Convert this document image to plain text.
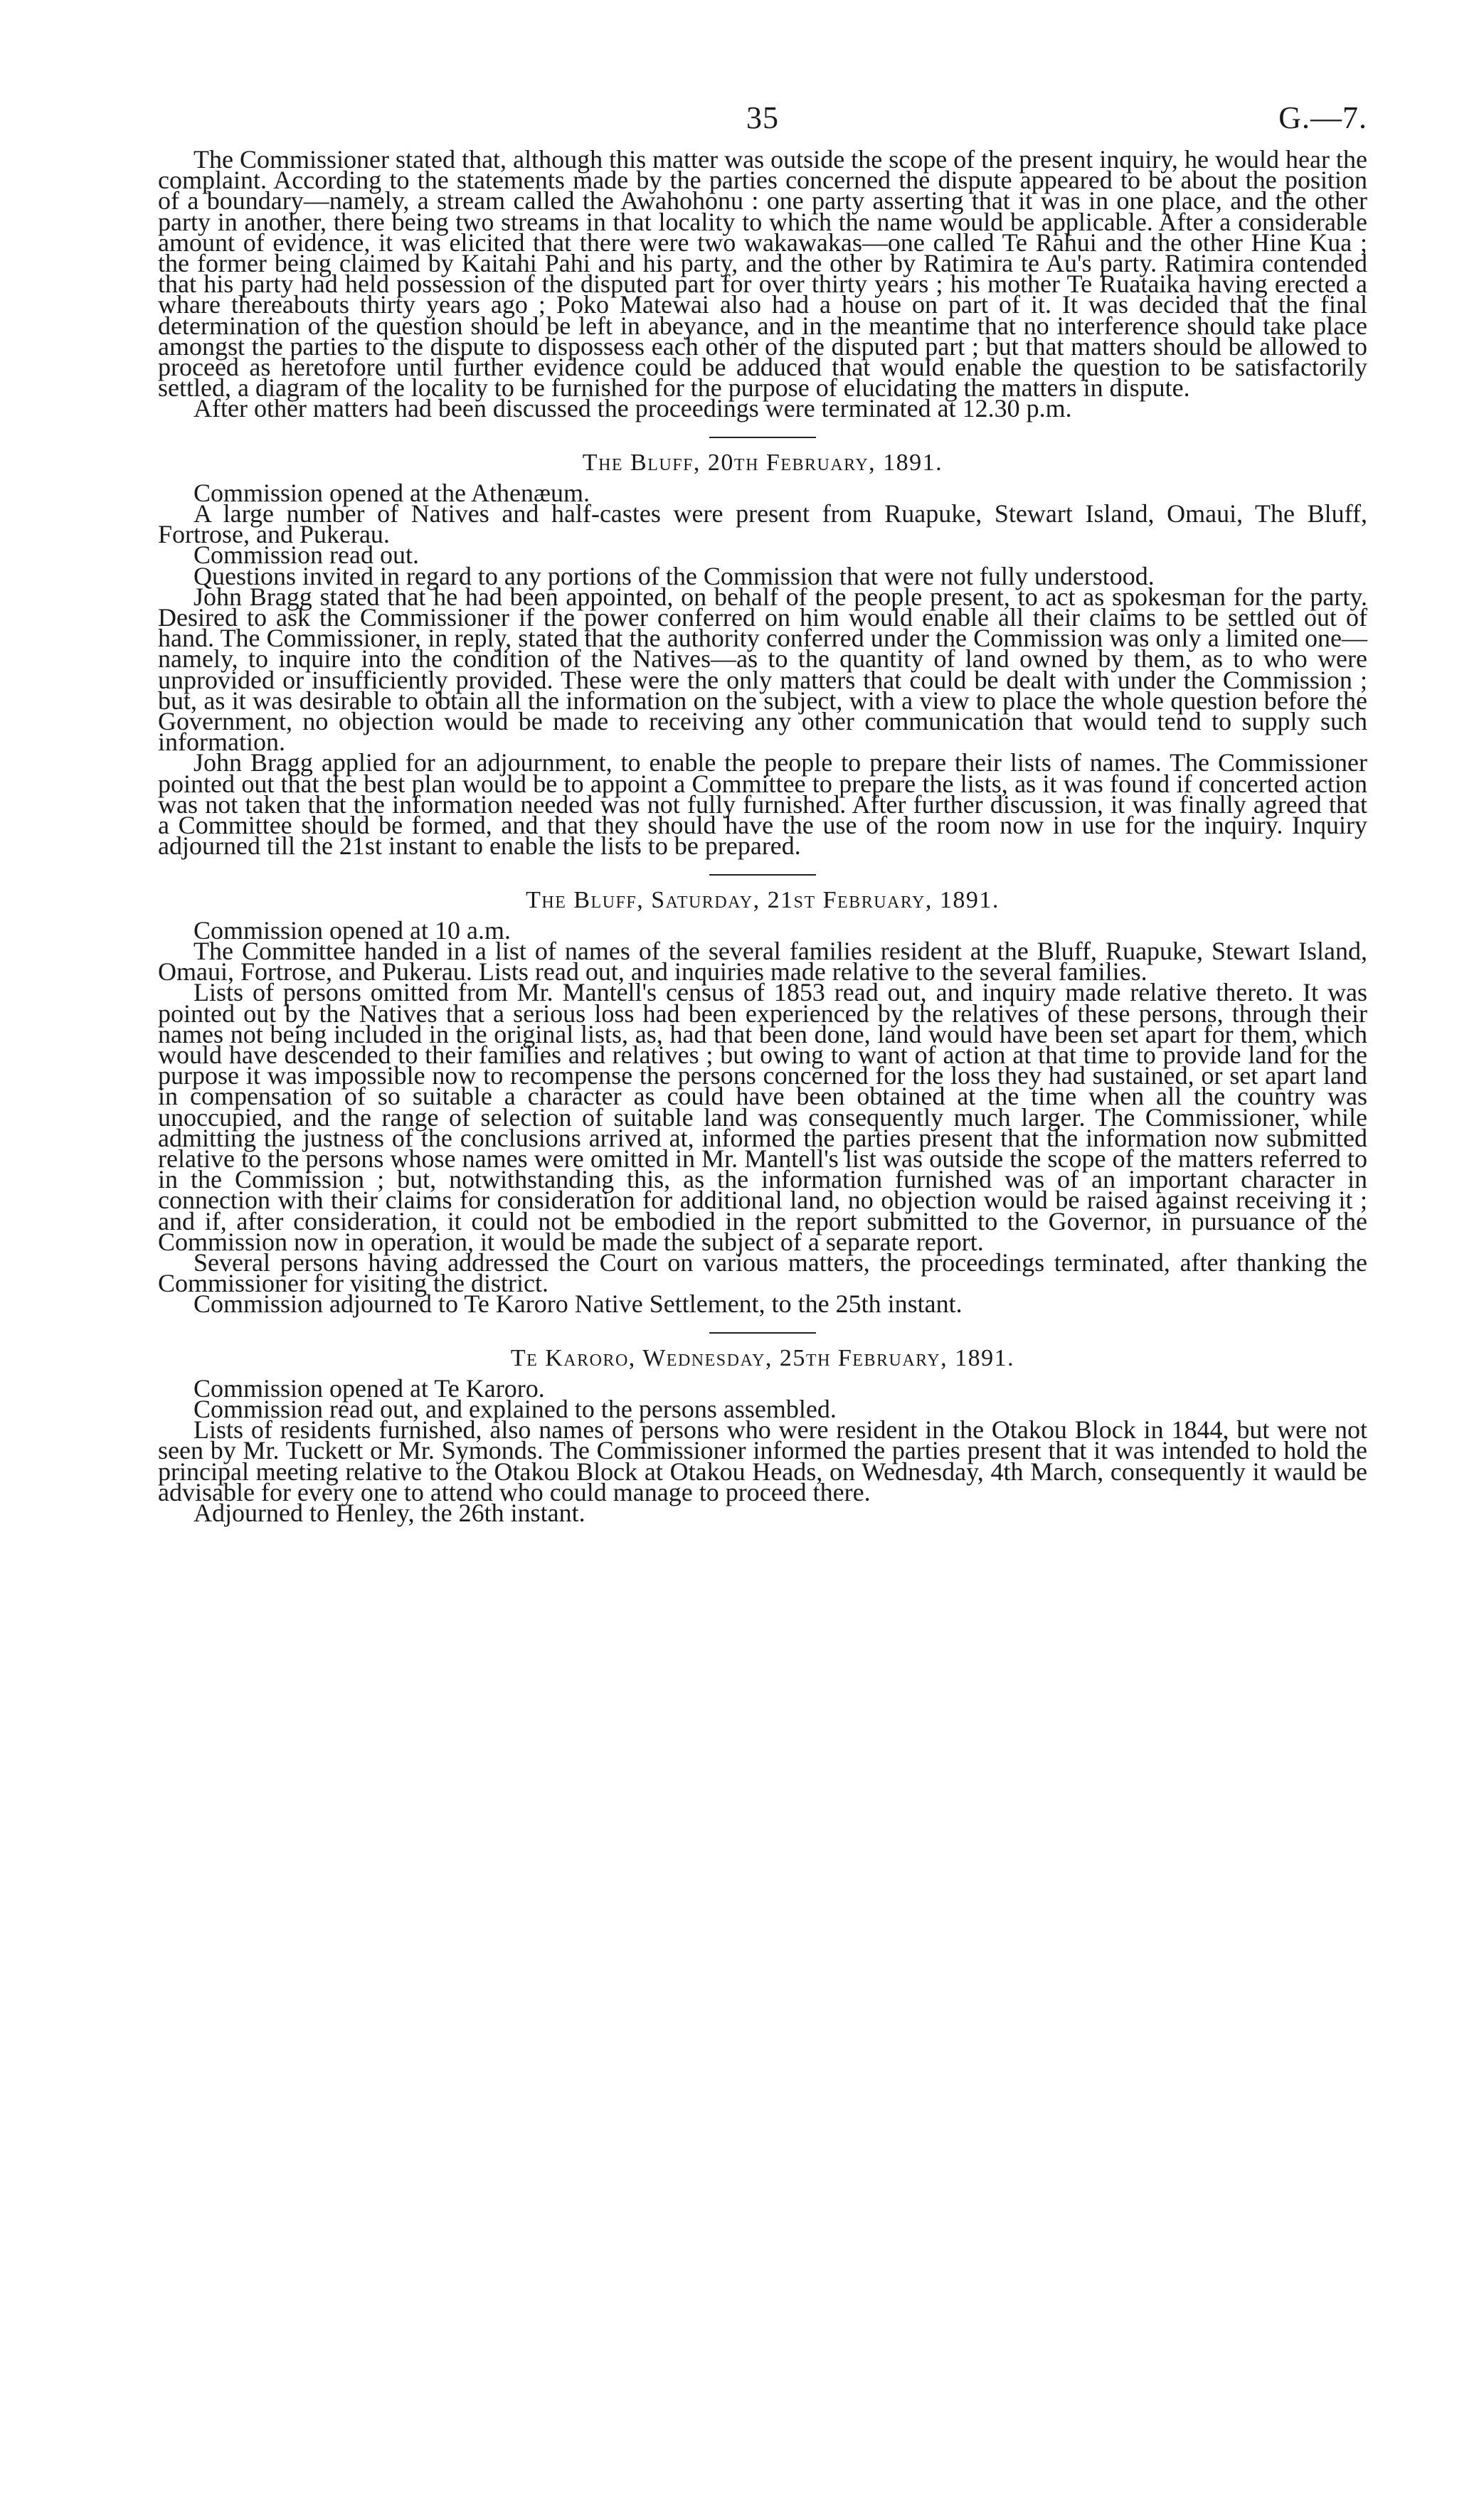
35	G.—7.

The Commissioner stated that, although this matter was outside the scope of the present inquiry, he would hear the complaint. According to the statements made by the parties concerned the dispute appeared to be about the position of a boundary—namely, a stream called the Awahohonu : one party asserting that it was in one place, and the other party in another, there being two streams in that locality to which the name would be applicable. After a considerable amount of evidence, it was elicited that there were two wakawakas—one called Te Rahui and the other Hine Kua ; the former being claimed by Kaitahi Pahi and his party, and the other by Ratimira te Au's party. Ratimira contended that his party had held possession of the disputed part for over thirty years ; his mother Te Ruataika having erected a whare thereabouts thirty years ago ; Poko Matewai also had a house on part of it. It was decided that the final determination of the question should be left in abeyance, and in the meantime that no interference should take place amongst the parties to the dispute to dispossess each other of the disputed part ; but that matters should be allowed to proceed as heretofore until further evidence could be adduced that would enable the question to be satisfactorily settled, a diagram of the locality to be furnished for the purpose of elucidating the matters in dispute.

After other matters had been discussed the proceedings were terminated at 12.30 p.m.

The Bluff, 20th February, 1891.

Commission opened at the Athenæum.

A large number of Natives and half-castes were present from Ruapuke, Stewart Island, Omaui, The Bluff, Fortrose, and Pukerau.

Commission read out.

Questions invited in regard to any portions of the Commission that were not fully understood.

John Bragg stated that he had been appointed, on behalf of the people present, to act as spokesman for the party. Desired to ask the Commissioner if the power conferred on him would enable all their claims to be settled out of hand. The Commissioner, in reply, stated that the authority conferred under the Commission was only a limited one—namely, to inquire into the condition of the Natives—as to the quantity of land owned by them, as to who were unprovided or insufficiently provided. These were the only matters that could be dealt with under the Commission ; but, as it was desirable to obtain all the information on the subject, with a view to place the whole question before the Government, no objection would be made to receiving any other communication that would tend to supply such information.

John Bragg applied for an adjournment, to enable the people to prepare their lists of names. The Commissioner pointed out that the best plan would be to appoint a Committee to prepare the lists, as it was found if concerted action was not taken that the information needed was not fully furnished. After further discussion, it was finally agreed that a Committee should be formed, and that they should have the use of the room now in use for the inquiry. Inquiry adjourned till the 21st instant to enable the lists to be prepared.

The Bluff, Saturday, 21st February, 1891.

Commission opened at 10 a.m.

The Committee handed in a list of names of the several families resident at the Bluff, Ruapuke, Stewart Island, Omaui, Fortrose, and Pukerau. Lists read out, and inquiries made relative to the several families.

Lists of persons omitted from Mr. Mantell's census of 1853 read out, and inquiry made relative thereto. It was pointed out by the Natives that a serious loss had been experienced by the relatives of these persons, through their names not being included in the original lists, as, had that been done, land would have been set apart for them, which would have descended to their families and relatives ; but owing to want of action at that time to provide land for the purpose it was impossible now to recompense the persons concerned for the loss they had sustained, or set apart land in compensation of so suitable a character as could have been obtained at the time when all the country was unoccupied, and the range of selection of suitable land was consequently much larger. The Commissioner, while admitting the justness of the conclusions arrived at, informed the parties present that the information now submitted relative to the persons whose names were omitted in Mr. Mantell's list was outside the scope of the matters referred to in the Commission ; but, notwithstanding this, as the information furnished was of an important character in connection with their claims for consideration for additional land, no objection would be raised against receiving it ; and if, after consideration, it could not be embodied in the report submitted to the Governor, in pursuance of the Commission now in operation, it would be made the subject of a separate report.

Several persons having addressed the Court on various matters, the proceedings terminated, after thanking the Commissioner for visiting the district.

Commission adjourned to Te Karoro Native Settlement, to the 25th instant.

Te Karoro, Wednesday, 25th February, 1891.

Commission opened at Te Karoro.

Commission read out, and explained to the persons assembled.

Lists of residents furnished, also names of persons who were resident in the Otakou Block in 1844, but were not seen by Mr. Tuckett or Mr. Symonds. The Commissioner informed the parties present that it was intended to hold the principal meeting relative to the Otakou Block at Otakou Heads, on Wednesday, 4th March, consequently it wauld be advisable for every one to attend who could manage to proceed there.

Adjourned to Henley, the 26th instant.
